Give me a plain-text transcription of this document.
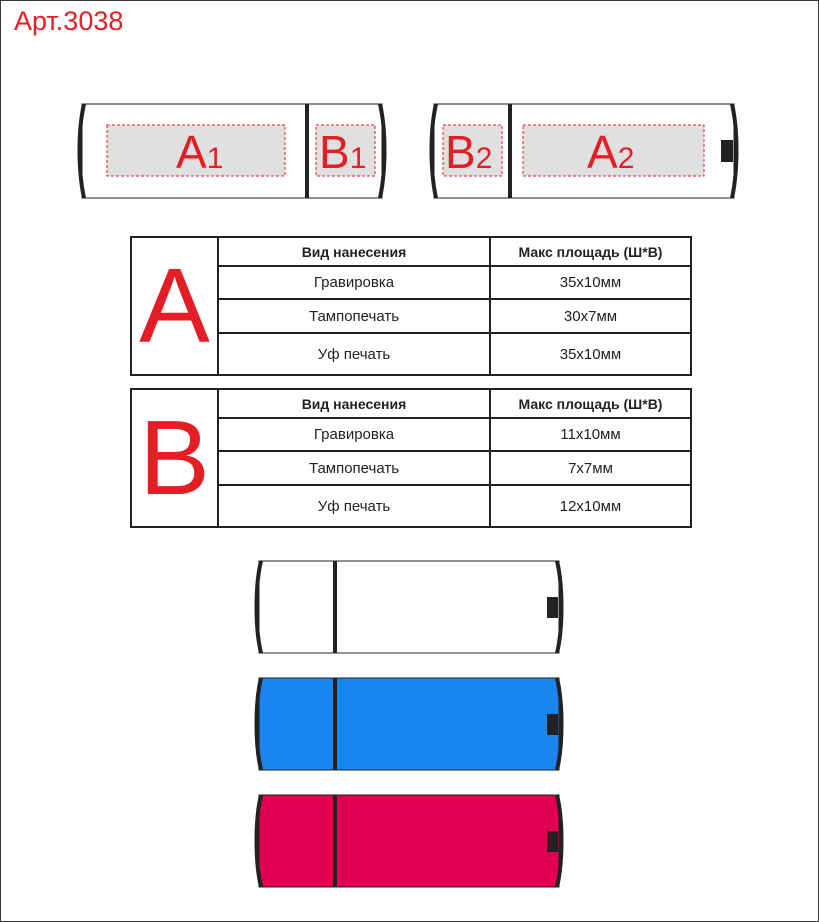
Арт.3038
A1 B1 B2 A2
A	Вид нанесения	Макс площадь (Ш*В)
Гравировка	35х10мм
Тампопечать	30х7мм
Уф печать	35х10мм
B	Вид нанесения	Макс площадь (Ш*В)
Гравировка	11х10мм
Тампопечать	7х7мм
Уф печать	12х10мм
